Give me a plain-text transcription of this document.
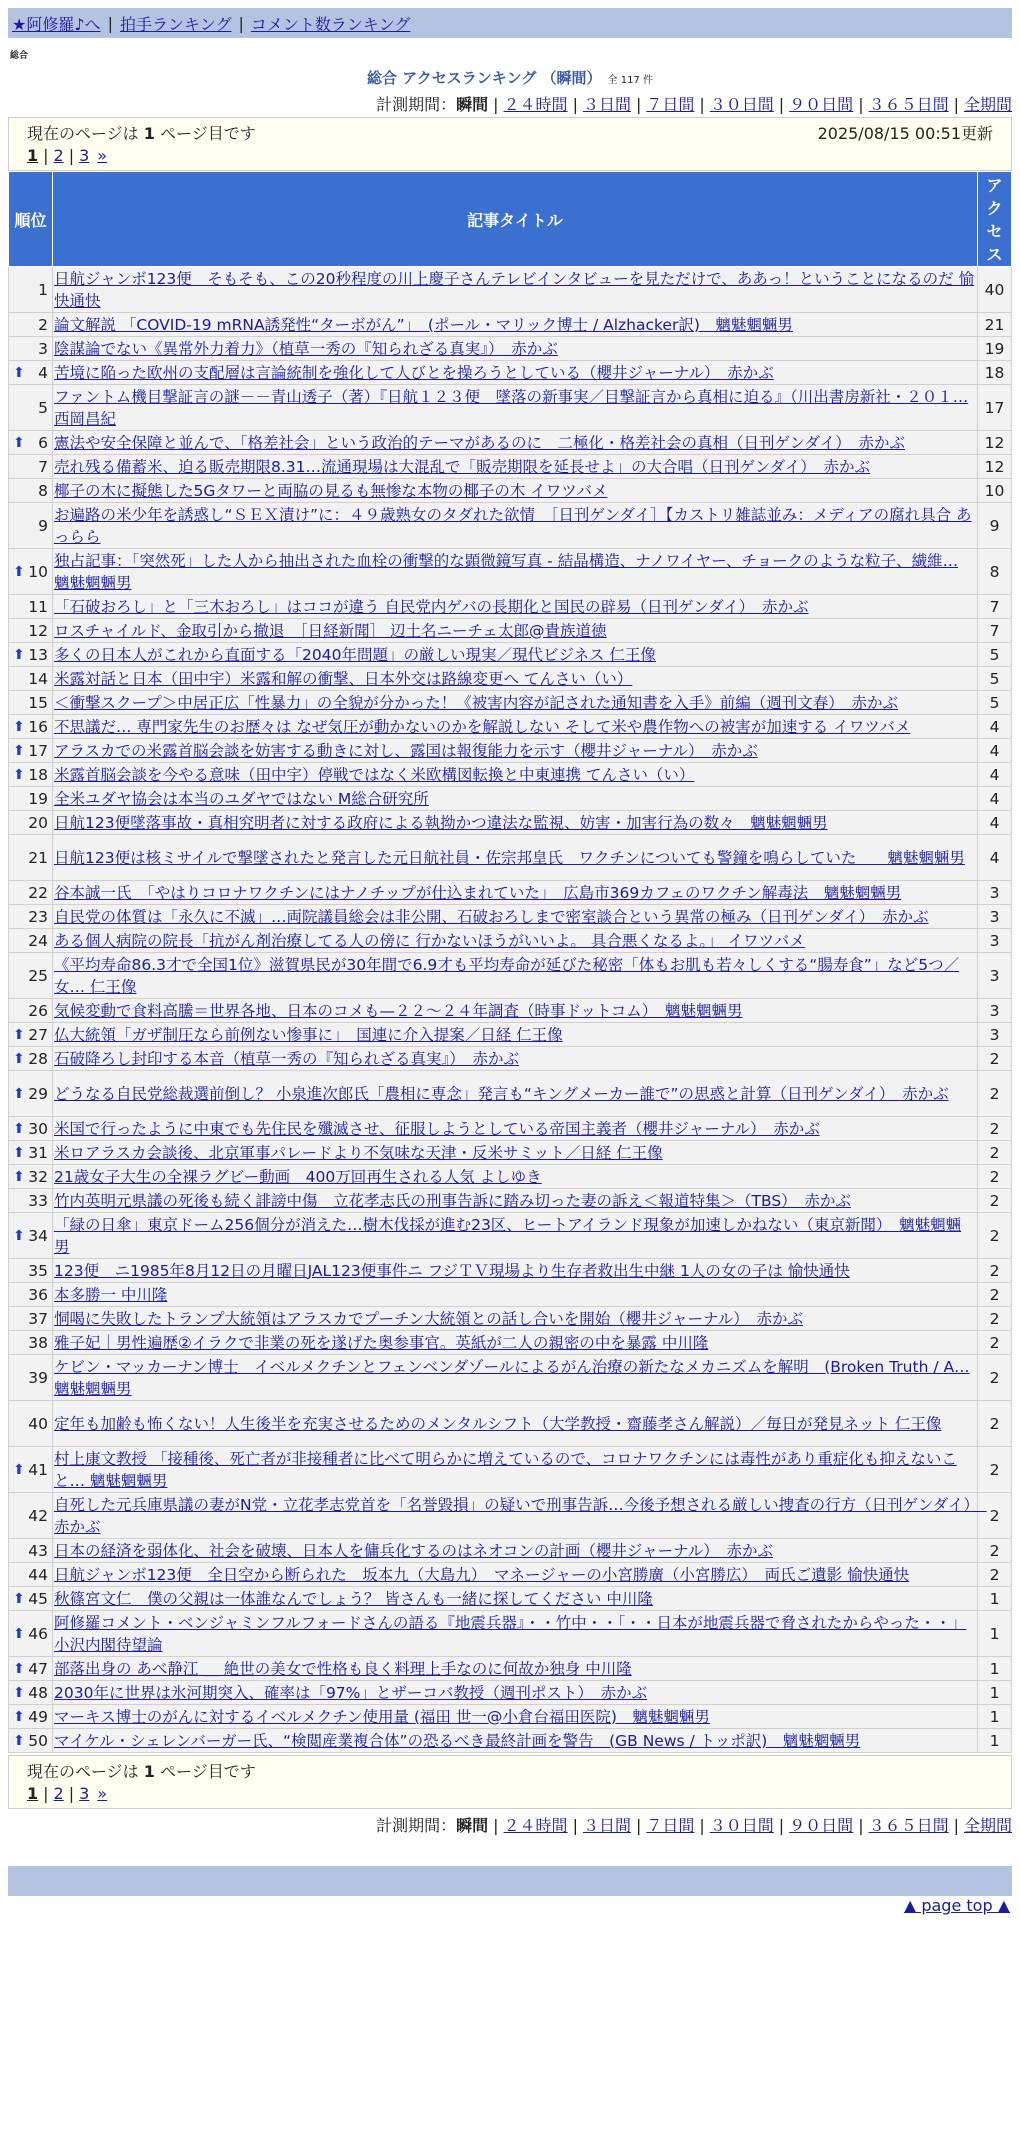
★阿修羅♪へ | 拍手ランキング | コメント数ランキング
総合
総合 アクセスランキング （瞬間） 全 117 件
計測期間：瞬間 | ２４時間 | ３日間 | ７日間 | ３０日間 | ９０日間 | ３６５日間 | 全期間
現在のページは 1 ページ目です	2025/08/15 00:51更新
1 | 2 | 3 »
順位	記事タイトル	アクセス
1	日航ジャンボ123便　そもそも、この20秒程度の川上慶子さんテレビインタビューを見ただけで、ああっ！ということになるのだ 愉快通快	40
2	論文解説 「COVID-19 mRNA誘発性“ターボがん”」　(ポール・マリック博士 / Alzhacker訳)　魑魅魍魎男	21
3	陰謀論でない《異常外力着力》（植草一秀の『知られざる真実』）　赤かぶ	19

⬆ 4	苦境に陥った欧州の支配層は言論統制を強化して人びとを操ろうとしている（櫻井ジャーナル）　赤かぶ	18
5	ファントム機目撃証言の謎－－青山透子（著）『日航１２３便　墜落の新事実／目撃証言から真相に迫る』（川出書房新社・２０１… 西岡昌紀	17

⬆ 6	憲法や安全保障と並んで、「格差社会」という政治的テーマがあるのに　二極化・格差社会の真相（日刊ゲンダイ）　赤かぶ	12
7	売れ残る備蓄米、迫る販売期限8.31…流通現場は大混乱で「販売期限を延長せよ」の大合唱（日刊ゲンダイ）　赤かぶ	12
8	椰子の木に擬態した5Gタワーと両脇の見るも無惨な本物の椰子の木 イワツバメ	10
9	お遍路の米少年を誘惑し“ＳＥＸ漬け”に：４９歳熟女のタダれた欲情　［日刊ゲンダイ］【カストリ雑誌並み：メディアの腐れ具合 あっらら	9

⬆ 10	独占記事：「突然死」した人から抽出された血栓の衝撃的な顕微鏡写真 - 結晶構造、ナノワイヤー、チョークのような粒子、繊維… 魑魅魍魎男	8
11	「石破おろし」と「三木おろし」はココが違う 自民党内ゲバの長期化と国民の辟易（日刊ゲンダイ）　赤かぶ	7
12	ロスチャイルド、金取引から撤退　［日経新聞］ 辺土名ニーチェ太郎@貴族道徳	7

⬆ 13	多くの日本人がこれから直面する「2040年問題」の厳しい現実／現代ビジネス 仁王像	5
14	米露対話と日本（田中宇）米露和解の衝撃、日本外交は路線変更へ てんさい（い）	5
15	＜衝撃スクープ＞中居正広「性暴力」の全貌が分かった！《被害内容が記された通知書を入手》前編（週刊文春）　赤かぶ	5

⬆ 16	不思議だ… 専門家先生のお歴々は なぜ気圧が動かないのかを解説しない そして米や農作物への被害が加速する イワツバメ	4

⬆ 17	アラスカでの米露首脳会談を妨害する動きに対し、露国は報復能力を示す（櫻井ジャーナル）　赤かぶ	4

⬆ 18	米露首脳会談を今やる意味（田中宇）停戦ではなく米欧構図転換と中東連携 てんさい（い）	4
19	全米ユダヤ協会は本当のユダヤではない M総合研究所	4
20	日航123便墜落事故・真相究明者に対する政府による執拗かつ違法な監視、妨害・加害行為の数々　魑魅魍魎男	4
21	日航123便は核ミサイルで撃墜されたと発言した元日航社員・佐宗邦皇氏　ワクチンについても警鐘を鳴らしていた　　魑魅魍魎男	4
22	谷本誠一氏　「やはりコロナワクチンにはナノチップが仕込まれていた」　広島市369カフェのワクチン解毒法　魑魅魍魎男	3
23	自民党の体質は「永久に不滅」…両院議員総会は非公開、石破おろしまで密室談合という異常の極み（日刊ゲンダイ）　赤かぶ	3
24	ある個人病院の院長「抗がん剤治療してる人の傍に 行かないほうがいいよ。 具合悪くなるよ。」 イワツバメ	3
25	《平均寿命86.3才で全国1位》滋賀県民が30年間で6.9才も平均寿命が延びた秘密「体もお肌も若々しくする“腸寿食”」など5つ／女… 仁王像	3
26	気候変動で食料高騰＝世界各地、日本のコメも—２２～２４年調査（時事ドットコム）　魑魅魍魎男	3

⬆ 27	仏大統領「ガザ制圧なら前例ない惨事に」　国連に介入提案／日経 仁王像	3

⬆ 28	石破降ろし封印する本音（植草一秀の『知られざる真実』）　赤かぶ	2

⬆ 29	どうなる自民党総裁選前倒し？ 小泉進次郎氏「農相に専念」発言も“キングメーカー誰で”の思惑と計算（日刊ゲンダイ）　赤かぶ	2

⬆ 30	米国で行ったように中東でも先住民を殲滅させ、征服しようとしている帝国主義者（櫻井ジャーナル）　赤かぶ	2

⬆ 31	米ロアラスカ会談後、北京軍事パレードより不気味な天津・反米サミット／日経 仁王像	2

⬆ 32	21歳女子大生の全裸ラグビー動画　400万回再生される人気 よしゆき	2
33	竹内英明元県議の死後も続く誹謗中傷　立花孝志氏の刑事告訴に踏み切った妻の訴え＜報道特集＞（TBS）　赤かぶ	2

⬆ 34	「緑の日傘」東京ドーム256個分が消えた…樹木伐採が進む23区、ヒートアイランド現象が加速しかねない（東京新聞）　魑魅魍魎男	2
35	123便　ニ1985年8月12日の月曜日JAL123便事件ニ フジＴＶ現場より生存者救出生中継 1人の女の子は 愉快通快	2
36	本多勝一 中川隆	2
37	恫喝に失敗したトランプ大統領はアラスカでプーチン大統領との話し合いを開始（櫻井ジャーナル）　赤かぶ	2
38	雅子妃｜男性遍歴②イラクで非業の死を遂げた奥参事官。英紙が二人の親密の中を暴露 中川隆	2
39	ケビン・マッカーナン博士　イベルメクチンとフェンベンダゾールによるがん治療の新たなメカニズムを解明　(Broken Truth / A… 魑魅魍魎男	2
40	定年も加齢も怖くない！人生後半を充実させるためのメンタルシフト（大学教授・齋藤孝さん解説）／毎日が発見ネット 仁王像	2

⬆ 41	村上康文教授 「接種後、死亡者が非接種者に比べて明らかに増えているので、コロナワクチンには毒性があり重症化も抑えないこと… 魑魅魍魎男	2
42	自死した元兵庫県議の妻がN党・立花孝志党首を「名誉毀損」の疑いで刑事告訴…今後予想される厳しい捜査の行方（日刊ゲンダイ）　赤かぶ	2
43	日本の経済を弱体化、社会を破壊、日本人を傭兵化するのはネオコンの計画（櫻井ジャーナル）　赤かぶ	2
44	日航ジャンボ123便　全日空から断られた　坂本九（大島九）　マネージャーの小宮勝廣（小宮勝広）　両氏ご遺影 愉快通快	2

⬆ 45	秋篠宮文仁　僕の父親は一体誰なんでしょう？ 皆さんも一緒に探してください 中川隆	1

⬆ 46	阿修羅コメント・ベンジャミンフルフォードさんの語る『地震兵器』・・竹中・・「・・日本が地震兵器で脅されたからやった・・」 小沢内閣待望論	1

⬆ 47	部落出身の あべ静江 ＿ 絶世の美女で性格も良く料理上手なのに何故か独身 中川隆	1

⬆ 48	2030年に世界は氷河期突入、確率は「97%」とザーコバ教授（週刊ポスト）　赤かぶ	1

⬆ 49	マーキス博士のがんに対するイベルメクチン使用量 (福田 世一@小倉台福田医院)　魑魅魍魎男	1

⬆ 50	マイケル・シェレンバーガー氏、“検閲産業複合体”の恐るべき最終計画を警告　(GB News / トッポ訳)　魑魅魍魎男	1
現在のページは 1 ページ目です
1 | 2 | 3 »
計測期間：瞬間 | ２４時間 | ３日間 | ７日間 | ３０日間 | ９０日間 | ３６５日間 | 全期間
▲ page top ▲
